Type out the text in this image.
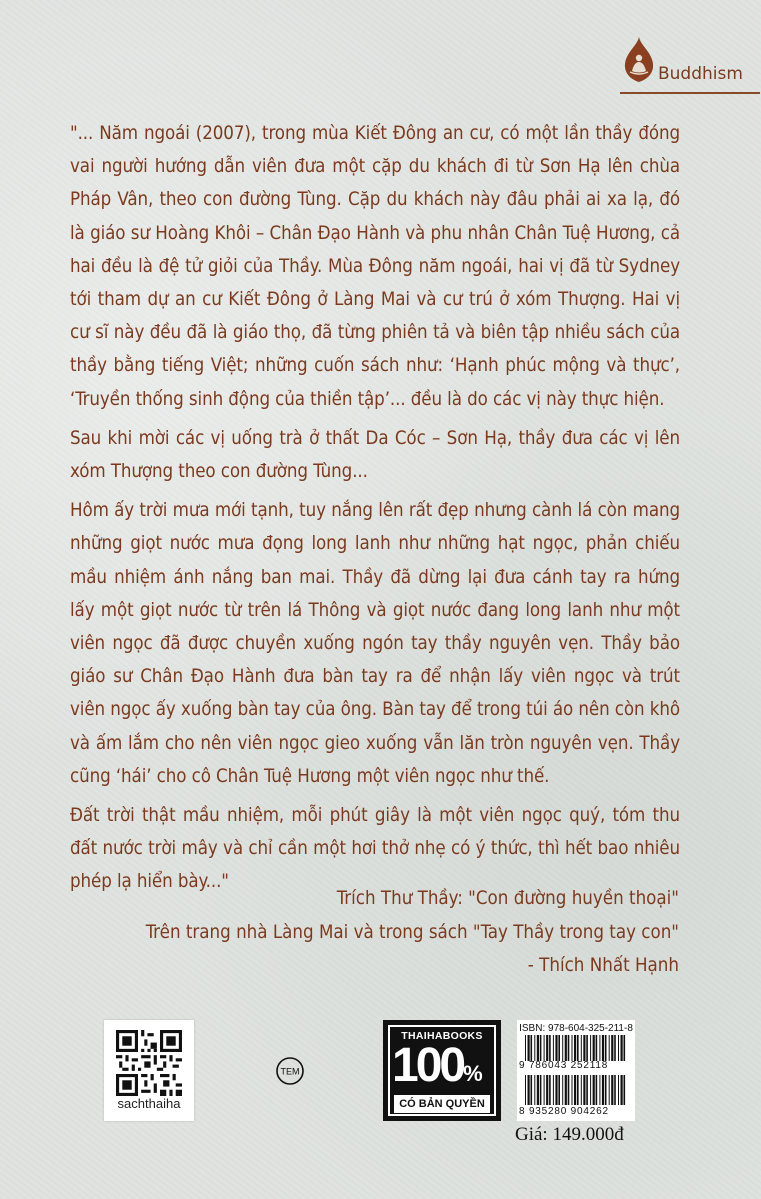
Buddhism

"... Năm ngoái (2007), trong mùa Kiết Đông an cư, có một lần thầy đóng vai người hướng dẫn viên đưa một cặp du khách đi từ Sơn Hạ lên chùa Pháp Vân, theo con đường Tùng. Cặp du khách này đâu phải ai xa lạ, đó là giáo sư Hoàng Khôi – Chân Đạo Hành và phu nhân Chân Tuệ Hương, cả hai đều là đệ tử giỏi của Thầy. Mùa Đông năm ngoái, hai vị đã từ Sydney tới tham dự an cư Kiết Đông ở Làng Mai và cư trú ở xóm Thượng. Hai vị cư sĩ này đều đã là giáo thọ, đã từng phiên tả và biên tập nhiều sách của thầy bằng tiếng Việt; những cuốn sách như: ‘Hạnh phúc mộng và thực’, ‘Truyền thống sinh động của thiền tập’... đều là do các vị này thực hiện.

Sau khi mời các vị uống trà ở thất Da Cóc – Sơn Hạ, thầy đưa các vị lên xóm Thượng theo con đường Tùng...

Hôm ấy trời mưa mới tạnh, tuy nắng lên rất đẹp nhưng cành lá còn mang những giọt nước mưa đọng long lanh như những hạt ngọc, phản chiếu mầu nhiệm ánh nắng ban mai. Thầy đã dừng lại đưa cánh tay ra hứng lấy một giọt nước từ trên lá Thông và giọt nước đang long lanh như một viên ngọc đã được chuyền xuống ngón tay thầy nguyên vẹn. Thầy bảo giáo sư Chân Đạo Hành đưa bàn tay ra để nhận lấy viên ngọc và trút viên ngọc ấy xuống bàn tay của ông. Bàn tay để trong túi áo nên còn khô và ấm lắm cho nên viên ngọc gieo xuống vẫn lăn tròn nguyên vẹn. Thầy cũng ‘hái’ cho cô Chân Tuệ Hương một viên ngọc như thế.

Đất trời thật mầu nhiệm, mỗi phút giây là một viên ngọc quý, tóm thu đất nước trời mây và chỉ cần một hơi thở nhẹ có ý thức, thì hết bao nhiêu phép lạ hiển bày..."

Trích Thư Thầy: "Con đường huyền thoại"
Trên trang nhà Làng Mai và trong sách "Tay Thầy trong tay con"
- Thích Nhất Hạnh
sachthaiha
TEM
THAIHABOOKS
100%
CÓ BẢN QUYỀN
ISBN: 978-604-325-211-8
9 786043 252118
8 935280 904262
Giá: 149.000đ
